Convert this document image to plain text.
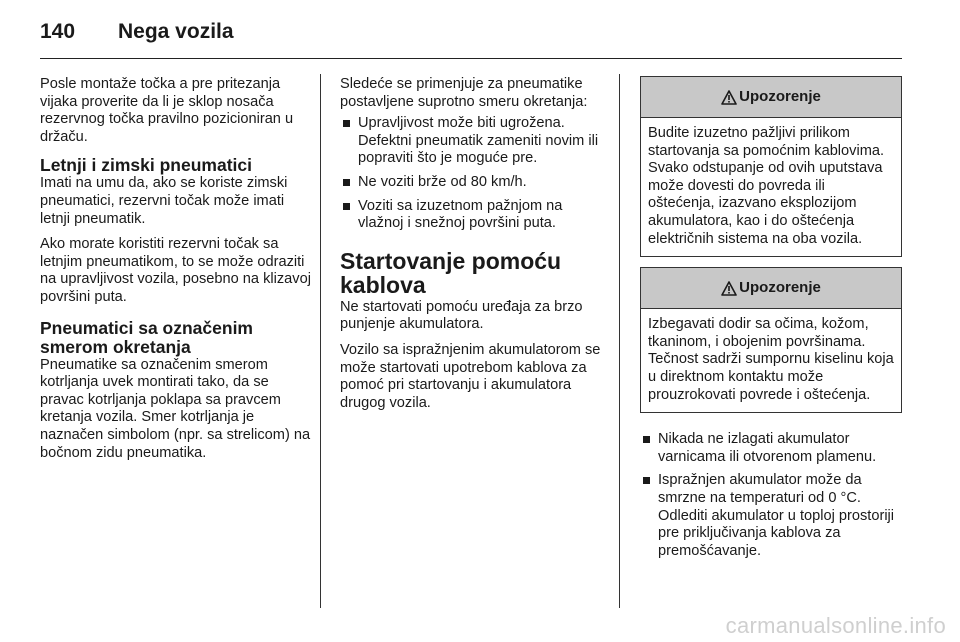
140	Nega vozila

Posle montaže točka a pre pritezanja vijaka proverite da li je sklop nosača rezervnog točka pravilno pozicioniran u držaču.

Letnji i zimski pneumatici

Imati na umu da, ako se koriste zimski pneumatici, rezervni točak može imati letnji pneumatik.

Ako morate koristiti rezervni točak sa letnjim pneumatikom, to se može odraziti na upravljivost vozila, posebno na klizavoj površini puta.

Pneumatici sa označenim smerom okretanja

Pneumatike sa označenim smerom kotrljanja uvek montirati tako, da se pravac kotrljanja poklapa sa pravcem kretanja vozila. Smer kotrljanja je naznačen simbolom (npr. sa strelicom) na bočnom zidu pneumatika.

Sledeće se primenjuje za pneumatike postavljene suprotno smeru okretanja:

Upravljivost može biti ugrožena. Defektni pneumatik zameniti novim ili popraviti što je moguće pre.
Ne voziti brže od 80 km/h.
Voziti sa izuzetnom pažnjom na vlažnoj i snežnoj površini puta.
Startovanje pomoću kablova

Ne startovati pomoću uređaja za brzo punjenje akumulatora.

Vozilo sa ispražnjenim akumulatorom se može startovati upotrebom kablova za pomoć pri startovanju i akumulatora drugog vozila.

Upozorenje
Budite izuzetno pažljivi prilikom startovanja sa pomoćnim kablovima. Svako odstupanje od ovih uputstava može dovesti do povreda ili oštećenja, izazvano eksplozijom akumulatora, kao i do oštećenja električnih sistema na oba vozila.
Upozorenje
Izbegavati dodir sa očima, kožom, tkaninom, i obojenim površinama. Tečnost sadrži sumpornu kiselinu koja u direktnom kontaktu može prouzrokovati povrede i oštećenja.
Nikada ne izlagati akumulator varnicama ili otvorenom plamenu.
Ispražnjen akumulator može da smrzne na temperaturi od 0 °C. Odlediti akumulator u toploj prostoriji pre priključivanja kablova za premošćavanje.
carmanualsonline.info
